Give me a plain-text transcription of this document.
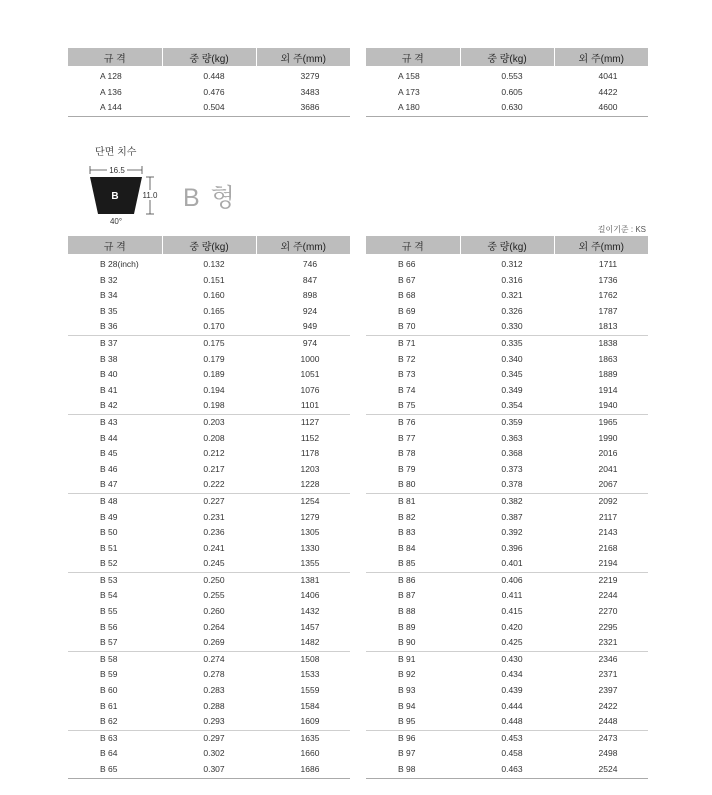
규 격	중 량(kg)	외 주(mm)
A 128	0.448	3279
A 136	0.476	3483
A 144	0.504	3686
규 격	중 량(kg)	외 주(mm)
A 158	0.553	4041
A 173	0.605	4422
A 180	0.630	4600
단면 치수
16.5
B	11.0
40°
B 형
길이기준 : KS
규 격	중 량(kg)	외 주(mm)
B 28(inch)	0.132	746
B 32	0.151	847
B 34	0.160	898
B 35	0.165	924
B 36	0.170	949
B 37	0.175	974
B 38	0.179	1000
B 40	0.189	1051
B 41	0.194	1076
B 42	0.198	1101
B 43	0.203	1127
B 44	0.208	1152
B 45	0.212	1178
B 46	0.217	1203
B 47	0.222	1228
B 48	0.227	1254
B 49	0.231	1279
B 50	0.236	1305
B 51	0.241	1330
B 52	0.245	1355
B 53	0.250	1381
B 54	0.255	1406
B 55	0.260	1432
B 56	0.264	1457
B 57	0.269	1482
B 58	0.274	1508
B 59	0.278	1533
B 60	0.283	1559
B 61	0.288	1584
B 62	0.293	1609
B 63	0.297	1635
B 64	0.302	1660
B 65	0.307	1686
규 격	중 량(kg)	외 주(mm)
B 66	0.312	1711
B 67	0.316	1736
B 68	0.321	1762
B 69	0.326	1787
B 70	0.330	1813
B 71	0.335	1838
B 72	0.340	1863
B 73	0.345	1889
B 74	0.349	1914
B 75	0.354	1940
B 76	0.359	1965
B 77	0.363	1990
B 78	0.368	2016
B 79	0.373	2041
B 80	0.378	2067
B 81	0.382	2092
B 82	0.387	2117
B 83	0.392	2143
B 84	0.396	2168
B 85	0.401	2194
B 86	0.406	2219
B 87	0.411	2244
B 88	0.415	2270
B 89	0.420	2295
B 90	0.425	2321
B 91	0.430	2346
B 92	0.434	2371
B 93	0.439	2397
B 94	0.444	2422
B 95	0.448	2448
B 96	0.453	2473
B 97	0.458	2498
B 98	0.463	2524
